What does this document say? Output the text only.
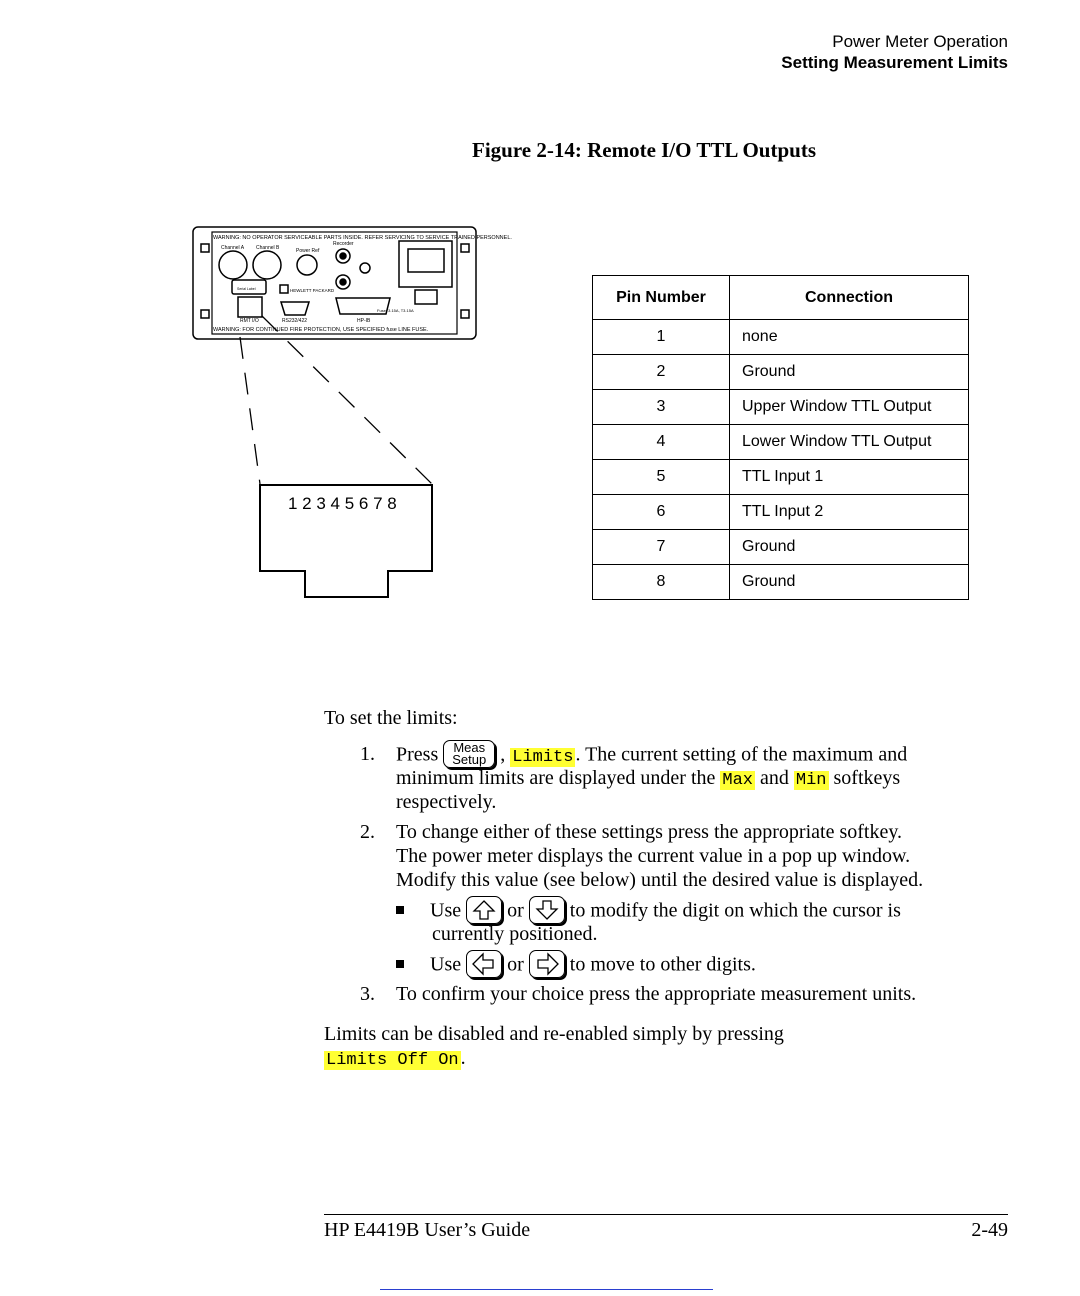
Power Meter Operation
Setting Measurement Limits
Figure 2-14: Remote I/O TTL Outputs
WARNING: NO OPERATOR SERVICEABLE PARTS INSIDE. REFER SERVICING TO SERVICE TRAINED PERSONNEL.
WARNING: FOR CONTINUED FIRE PROTECTION, USE SPECIFIED fuse LINE FUSE.
Channel A Channel B	Power Ref
Recorder
RMT I/O	RS232/422	HP-IB
HEWLETT PACKARD
Serial Label
Fuse: 3.15A, T3.15A
1 2 3 4 5 6 7 8
Pin Number	Connection
1	none
2	Ground
3	Upper Window TTL Output
4	Lower Window TTL Output
5	TTL Input 1
6	TTL Input 2
7	Ground
8	Ground
To set the limits:
1. Press Meas
Setup , Limits . The current setting of the maximum and
minimum limits are displayed under the Max and Min softkeys
respectively.
2. To change either of these settings press the appropriate softkey.
The power meter displays the current value in a pop up window.
Modify this value (see below) until the desired value is displayed.
Use or to modify the digit on which the cursor is
currently positioned.
Use or to move to other digits.
3. To confirm your choice press the appropriate measurement units.
Limits can be disabled and re-enabled simply by pressing
Limits Off On .
HP E4419B User’s Guide	2-49
